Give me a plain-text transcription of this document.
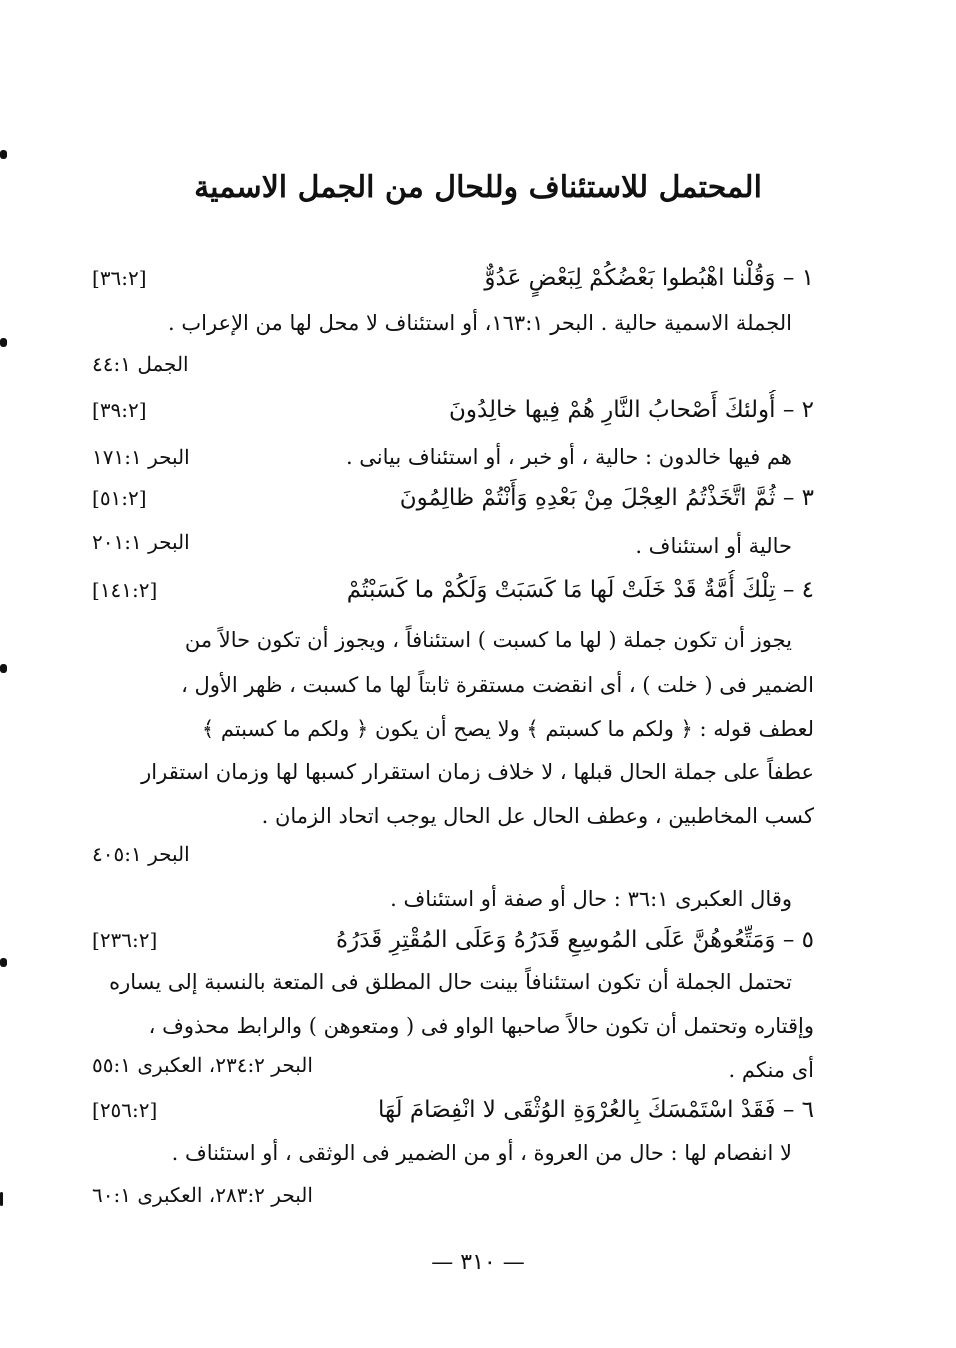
المحتمل للاستئناف وللحال من الجمل الاسمية
١ – وَقُلْنا اهْبُطوا بَعْضُكُمْ لِبَعْضٍ عَدُوٌّ
[٣٦:٢]
الجملة الاسمية حالية . البحر ١٦٣:١، أو استئناف لا محل لها من الإعراب .
الجمل ٤٤:١
٢ – أُولئكَ أَصْحابُ النَّارِ هُمْ فِيها خالِدُونَ
[٣٩:٢]
هم فيها خالدون : حالية ، أو خبر ، أو استئناف بيانى .
البحر ١٧١:١
٣ – ثُمَّ اتَّخَذْتُمُ العِجْلَ مِنْ بَعْدِهِ وَأَنْتُمْ ظالِمُونَ
[٥١:٢]
حالية أو استئناف .
البحر ٢٠١:١
٤ – تِلْكَ أُمَّةٌ قَدْ خَلَتْ لَها مَا كَسَبَتْ وَلَكُمْ ما كَسَبْتُمْ
[١٤١:٢]
يجوز أن تكون جملة ( لها ما كسبت ) استئنافاً ، ويجوز أن تكون حالاً من
الضمير فى ( خلت ) ، أى انقضت مستقرة ثابتاً لها ما كسبت ، ظهر الأول ،
لعطف قوله : ﴿ ولكم ما كسبتم ﴾ ولا يصح أن يكون ﴿ ولكم ما كسبتم ﴾
عطفاً على جملة الحال قبلها ، لا خلاف زمان استقرار كسبها لها وزمان استقرار
كسب المخاطبين ، وعطف الحال عل الحال يوجب اتحاد الزمان .
البحر ٤٠٥:١
وقال العكبرى ٣٦:١ : حال أو صفة أو استئناف .
٥ – وَمَتِّعُوهُنَّ عَلَى المُوسِعِ قَدَرُهُ وَعَلَى المُقْتِرِ قَدَرُهُ
[٢٣٦:٢]
تحتمل الجملة أن تكون استئنافاً بينت حال المطلق فى المتعة بالنسبة إلى يساره
وإقتاره وتحتمل أن تكون حالاً صاحبها الواو فى ( ومتعوهن ) والرابط محذوف ،
أى منكم .
البحر ٢٣٤:٢، العكبرى ٥٥:١
٦ – فَقَدْ اسْتَمْسَكَ بِالعُرْوَةِ الوُثْقَى لا انْفِصَامَ لَهَا
[٢٥٦:٢]
لا انفصام لها : حال من العروة ، أو من الضمير فى الوثقى ، أو استئناف .
البحر ٢٨٣:٢، العكبرى ٦٠:١
— ٣١٠ —
